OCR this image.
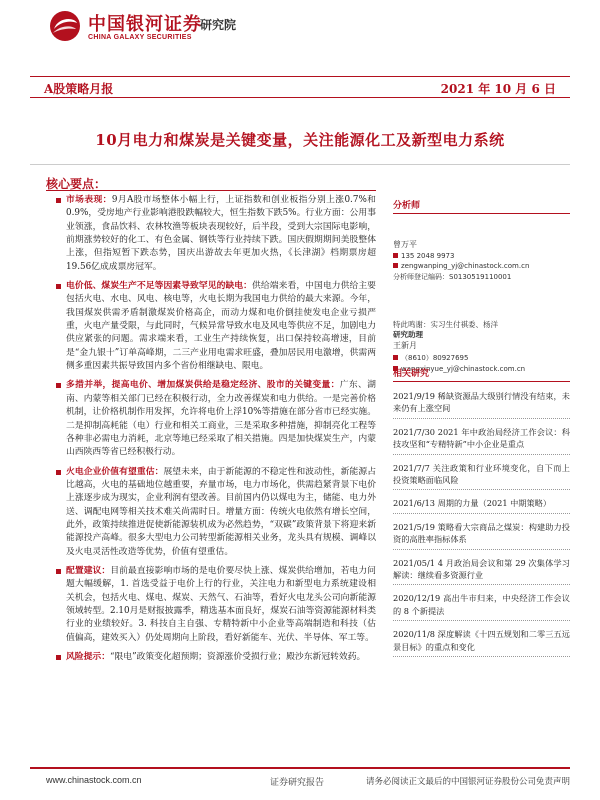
中国银河证券
CHINA GALAXY SECURITIES
研究院
A股策略月报	2021 年 10 月 6 日
10月电力和煤炭是关键变量，关注能源化工及新型电力系统
核心要点：

市场表现：9月A股市场整体小幅上行，上证指数和创业板指分别上涨0.7%和0.9%，受房地产行业影响港股跌幅较大，恒生指数下跌5%。行业方面：公用事业领涨，食品饮料、农林牧渔等板块表现较好，后半段，受到大宗国际电影响，前期涨势较好的化工、有色金属、钢铁等行业持续下跌。国庆假期期间美股整体上涨，但指短暂下跌态势，国庆出游故去年更加火热，《长津湖》档期票房超19.56亿成成票房冠军。

电价低、煤炭生产不足等因素导致罕见的缺电：供给端来看，中国电力供给主要包括火电、水电、风电、核电等，火电长期为我国电力供给的最大来源。今年，我国煤炭供需矛盾制激煤炭价格高企，而动力煤和电价倒挂使发电企业亏损严重，火电产量受限，与此同时，气候异常导致水电及风电等供应不足，加剧电力供应紧张的问题。需求端来看，工业生产持续恢复，出口保持较高增速，目前是“金九银十”订单高峰期，二三产业用电需求旺盛，叠加居民用电激增，供需两侧多重因素共振导致国内多个省份相继缺电、限电。

多措并举，提高电价、增加煤炭供给是稳定经济、股市的关键变量：广东、湖南、内蒙等相关部门已经在积极行动，全力改善煤炭和电力供给。一是完善价格机制，让价格机制作用发挥，允许将电价上浮10%等措施在部分省市已经实施。二是抑制高耗能（电）行业和相关工商业，三是采取多种措施，抑制亮化工程等各种非必需电力消耗，北京等地已经采取了相关措施。四是加快煤炭生产，内蒙山西陕西等省已经积极行动。

火电企业价值有望重估：展望未来，由于新能源的不稳定性和波动性，新能源占比越高，火电的基础地位越重要，弃量市场，电力市场化，供需趋紧背景下电价上涨逐步成为现实，企业利润有望改善。目前国内仍以煤电为主，储能、电力外送、调配电网等相关技术难关尚需时日。增量方面：传统火电依然有增长空间，此外，政策持续推进促使新能源装机成为必然趋势，“双碳”政策背景下将迎来新能源投产高峰。很多大型电力公司转型新能源相关业务，龙头具有规模、调峰以及火电灵活性改造等优势，价值有望重估。

配置建议：目前最直接影响市场的是电价要尽快上涨、煤炭供给增加，若电力问题大幅缓解，1. 首选受益于电价上行的行业，关注电力和新型电力系统建设相关机会，包括火电、煤电、煤炭、天然气、石油等，看好火电龙头公司向新能源领域转型。2.10月是财报披露季，精选基本面良好，煤炭石油等资源能源材料类行业的业绩较好。3. 科技自主自强、专精特新中小企业等高端制造和科技（估值偏高，建效买入）仍处周期向上阶段，看好新能车、光伏、半导体、军工等。

风险提示：“限电”政策变化超预期；资源涨价受损行业；殿沙东新冠转效药。

分析师
曾万平
135 2048 9973
zengwanping_yj@chinastock.com.cn
分析师登记编码：S0130519110001
研究助理
王新月
（8610）80927695
wangxinyue_yj@chinastock.com.cn
特此鸣谢：实习生付祺委、杨洋
相关研究
2021/9/19 稀缺资源品大级别行情没有结束，未来仍有上涨空间
2021/7/30 2021 年中政治局经济工作会议：科技攻坚和“专精特新”中小企业是重点
2021/7/7 关注政策和行业环境变化，自下而上投资策略面临风险
2021/6/13 周期的力量（2021 中期策略）
2021/5/19 策略看大宗商品之煤炭：构建助力投资的高胜率指标体系
2021/05/1 4 月政治局会议和第 29 次集体学习解读：继续看多资源行业
2020/12/19 高出牛市归来，中央经济工作会议的 8 个新提法
2020/11/8 深度解读《十四五规划和二零三五远景目标》的重点和变化
www.chinastock.com.cn	证券研究报告	请务必阅读正文最后的中国银河证券股份公司免责声明
